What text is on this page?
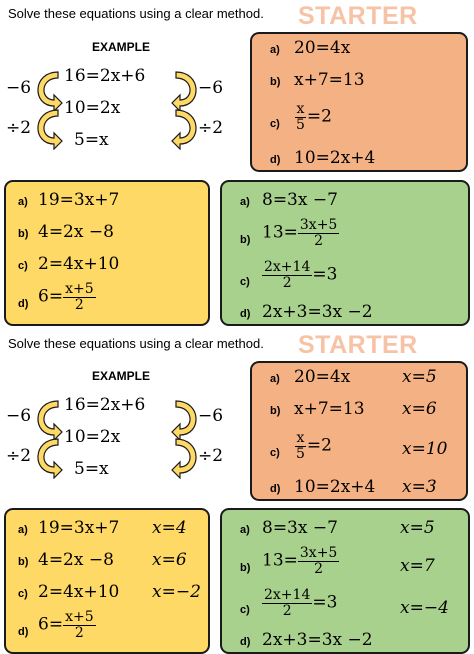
Solve these equations using a clear method. STARTER
EXAMPLE
16=2x+6
10=2x
5=x
−6
÷2
−6
÷2
a) 20=4x
b) x+7=13
$c) \frac{x}{5} =2$
d) 10=2x+4
a) 19=3x+7
b) 4=2x −8
c) 2=4x+10
d) $6= \frac{x+5}{2}$
a) 8=3x −7
b) $13= \frac{3x+5}{2}$
$c) \frac{2x+14}{2} =3$
d) 2x+3=3x −2
Solve these equations using a clear method. STARTER
EXAMPLE
16=2x+6
10=2x
5=x
−6
÷2
−6
÷2
a) 20=4x	x=5
b) x+7=13 x=6
$c) \frac{x}{5} =2$	x=10
d) 10=2x+4 x=3
a) 19=3x+7 x=4
b) 4=2x −8 x=6
c) 2=4x+10 x=−2
d) $6= \frac{x+5}{2}$
a) 8=3x −7	x=5
b) $13= \frac{3x+5}{2}$	x=7
$c) \frac{2x+14}{2} =3$	x=−4
d) 2x+3=3x −2
